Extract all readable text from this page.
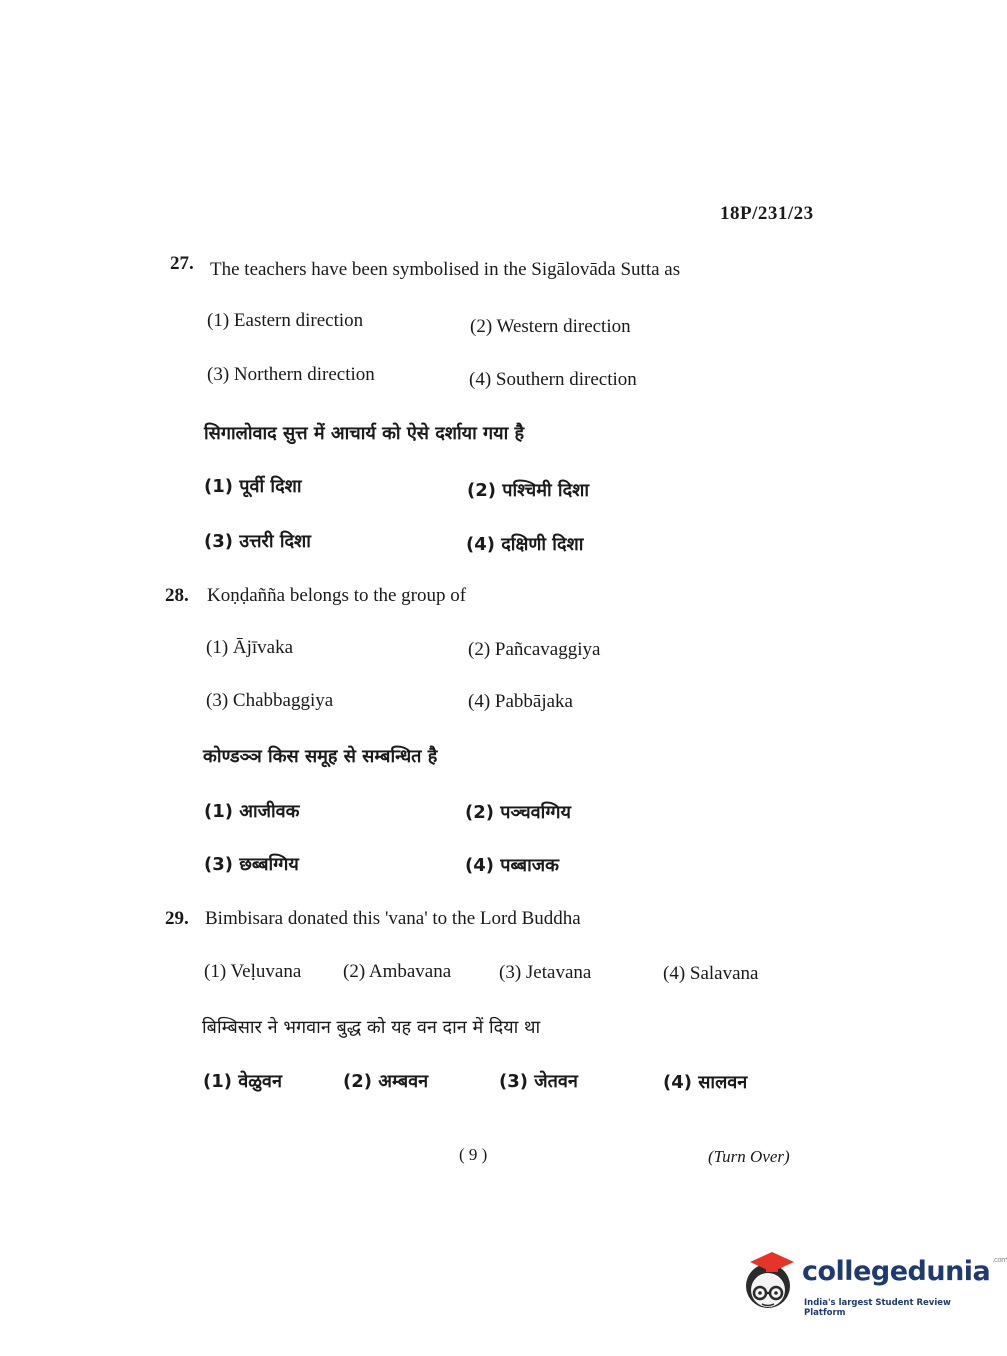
18P/231/23
27. The teachers have been symbolised in the Sigālovāda Sutta as
(1) Eastern direction	(2) Western direction
(3) Northern direction	(4) Southern direction
सिगालोवाद सुत्त में आचार्य को ऐसे दर्शाया गया है
(1) पूर्वी दिशा	(2) पश्चिमी दिशा
(3) उत्तरी दिशा	(4) दक्षिणी दिशा
28. Koṇḍañña belongs to the group of
(1) Ājīvaka	(2) Pañcavaggiya
(3) Chabbaggiya	(4) Pabbājaka
कोण्डञ्ञ किस समूह से सम्बन्धित है
(1) आजीवक	(2) पञ्चवग्गिय
(3) छब्बग्गिय	(4) पब्बाजक
29. Bimbisara donated this 'vana' to the Lord Buddha
(1) Veḷuvana (2) Ambavana	(3) Jetavana	(4) Salavana
बिम्बिसार ने भगवान बुद्ध को यह वन दान में दिया था
(1) वेळुवन	(2) अम्बवन	(3) जेतवन	(4) सालवन
( 9 )	(Turn Over)
collegedunia $^{.com}$
India's largest Student Review Platform
